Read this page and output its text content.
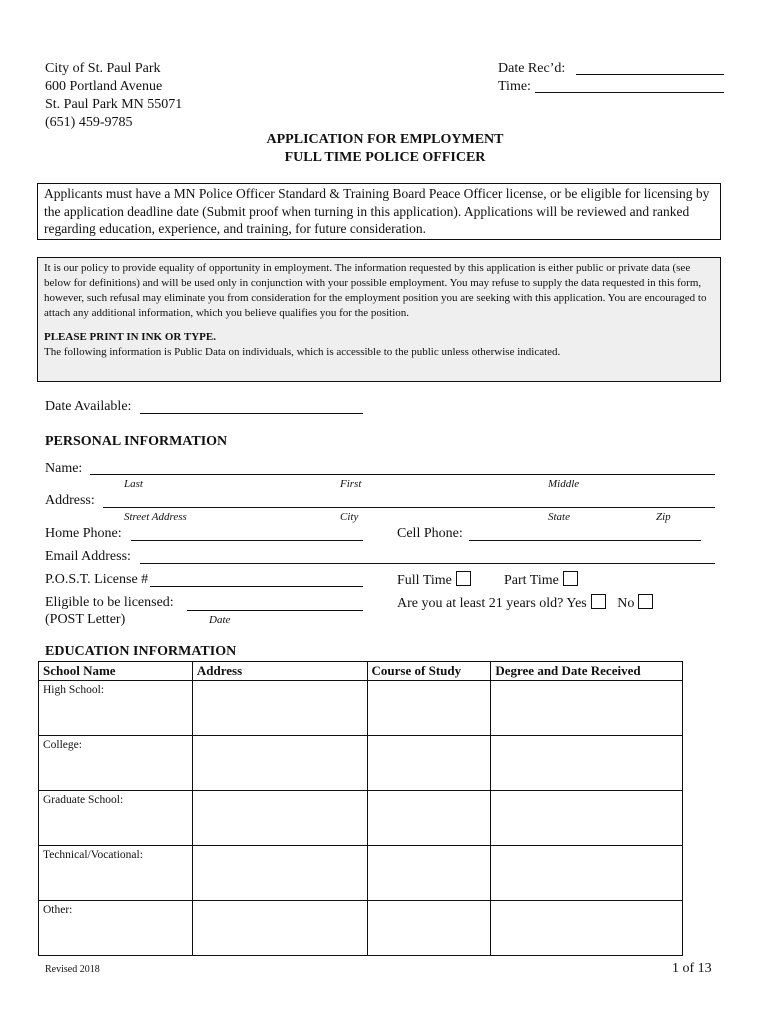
City of St. Paul Park
600 Portland Avenue
St. Paul Park MN 55071
(651) 459-9785
Date Rec’d:
Time:
APPLICATION FOR EMPLOYMENT
FULL TIME POLICE OFFICER
Applicants must have a MN Police Officer Standard & Training Board Peace Officer license, or be eligible for licensing by the application deadline date (Submit proof when turning in this application). Applications will be reviewed and ranked regarding education, experience, and training, for future consideration.
It is our policy to provide equality of opportunity in employment. The information requested by this application is either public or private data (see below for definitions) and will be used only in conjunction with your possible employment. You may refuse to supply the data requested in this form, however, such refusal may eliminate you from consideration for the employment position you are seeking with this application. You are encouraged to attach any additional information, which you believe qualifies you for the position.
PLEASE PRINT IN INK OR TYPE.
The following information is Public Data on individuals, which is accessible to the public unless otherwise indicated.
Date Available:
PERSONAL INFORMATION
Name:
Last	First	Middle
Address:
Street Address	City	State	Zip
Home Phone:	Cell Phone:
Email Address:
P.O.S.T. License #	Full Time	Part Time
Eligible to be licensed:
(POST Letter)	Date
Are you at least 21 years old? Yes No
EDUCATION INFORMATION
School Name	Address	Course of Study	Degree and Date Received
High School:			
College:			
Graduate School:			
Technical/Vocational:			
Other:			
Revised 2018	1 of 13
